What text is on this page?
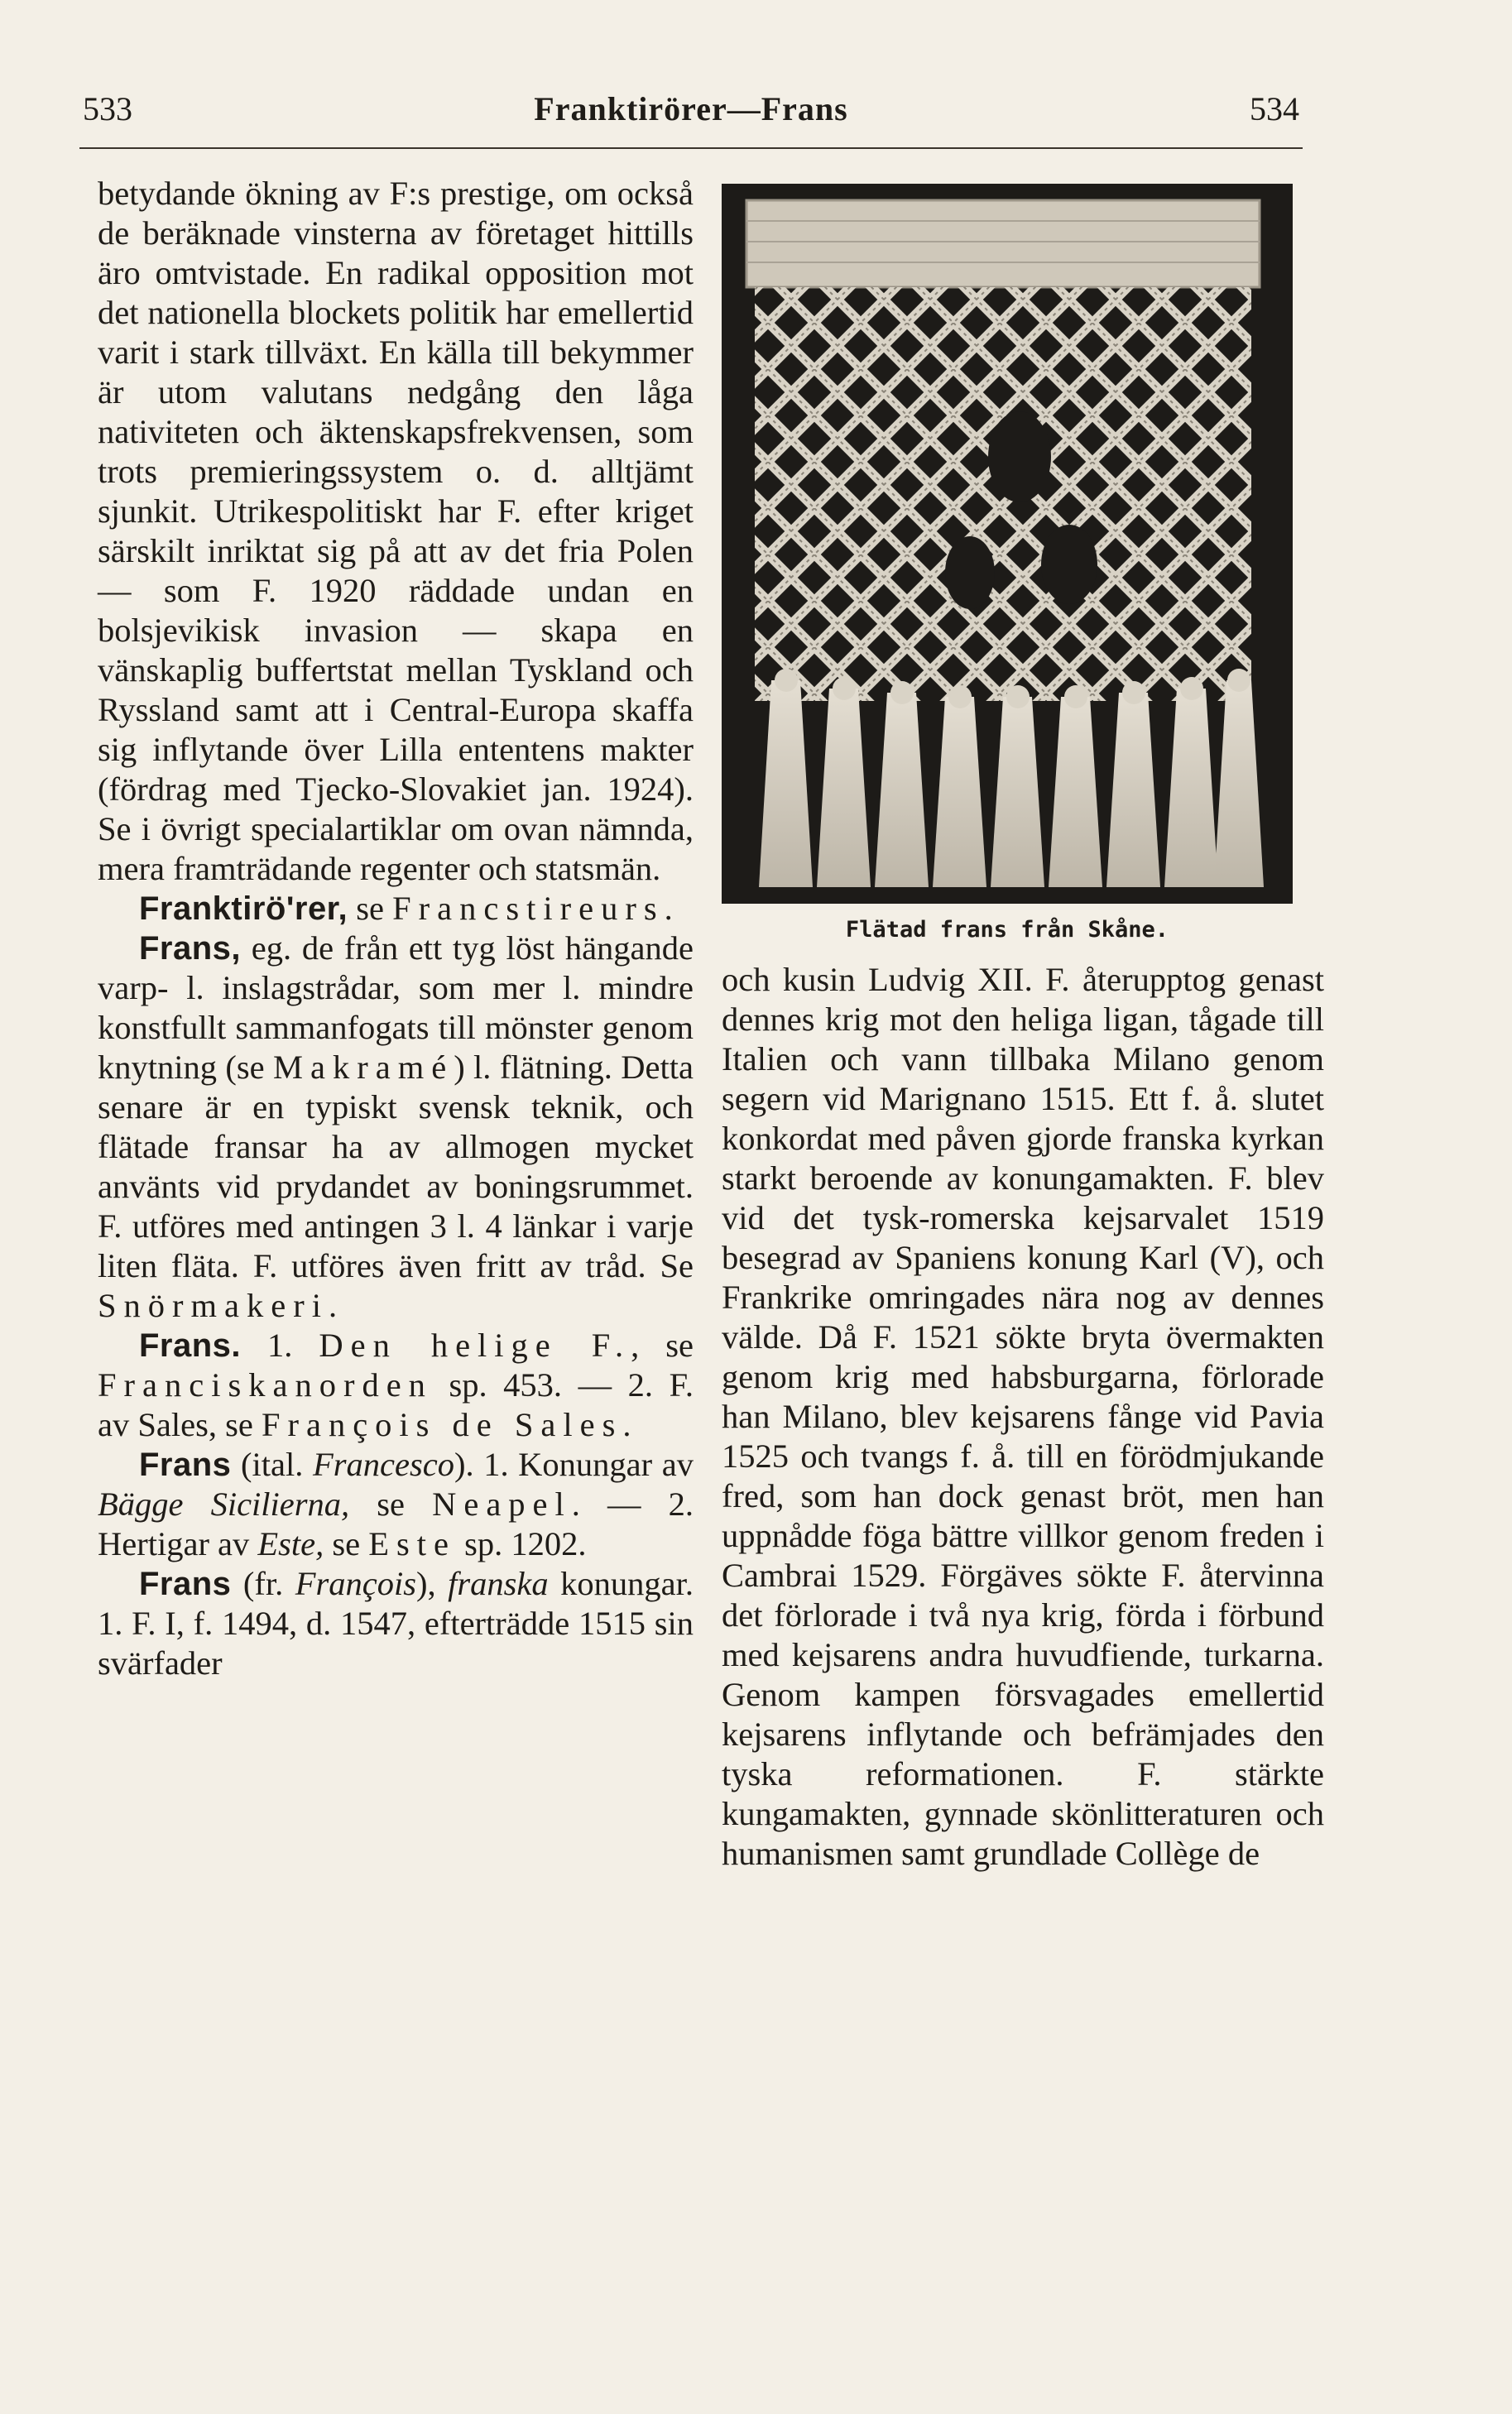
533	Franktirörer—Frans	534

betydande ökning av F:s prestige, om också de beräknade vinsterna av företaget hittills äro omtvistade. En radikal opposition mot det nationella blockets politik har emellertid varit i stark tillväxt. En källa till bekymmer är utom valutans nedgång den låga nativiteten och äktenskapsfrekvensen, som trots premieringssystem o. d. alltjämt sjunkit. Utrikespolitiskt har F. efter kriget särskilt inriktat sig på att av det fria Polen — som F. 1920 räddade undan en bolsjevikisk invasion — skapa en vänskaplig buffertstat mellan Tyskland och Ryssland samt att i Central-Europa skaffa sig inflytande över Lilla ententens makter (fördrag med Tjecko-Slovakiet jan. 1924). Se i övrigt specialartiklar om ovan nämnda, mera framträdande regenter och statsmän.

Franktirö'rer, se Francstireurs.

Frans, eg. de från ett tyg löst hängande varp- l. inslagstrådar, som mer l. mindre konstfullt sammanfogats till mönster genom knytning (se Makramé) l. flätning. Detta senare är en typiskt svensk teknik, och flätade fransar ha av allmogen mycket använts vid prydandet av boningsrummet. F. utföres med antingen 3 l. 4 länkar i varje liten fläta. F. utföres även fritt av tråd. Se Snörmakeri.

Frans. 1. Den helige F., se Franciskanorden sp. 453. — 2. F. av Sales, se François de Sales.

Frans (ital. Francesco). 1. Konungar av Bägge Sicilierna, se Neapel. — 2. Hertigar av Este, se Este sp. 1202.

Frans (fr. François), franska konungar. 1. F. I, f. 1494, d. 1547, efterträdde 1515 sin svärfader

Flätad frans från Skåne.

och kusin Ludvig XII. F. återupptog genast dennes krig mot den heliga ligan, tågade till Italien och vann tillbaka Milano genom segern vid Marignano 1515. Ett f. å. slutet konkordat med påven gjorde franska kyrkan starkt beroende av konungamakten. F. blev vid det tysk-romerska kejsarvalet 1519 besegrad av Spaniens konung Karl (V), och Frankrike omringades nära nog av dennes välde. Då F. 1521 sökte bryta övermakten genom krig med habsburgarna, förlorade han Milano, blev kejsarens fånge vid Pavia 1525 och tvangs f. å. till en förödmjukande fred, som han dock genast bröt, men han uppnådde föga bättre villkor genom freden i Cambrai 1529. Förgäves sökte F. återvinna det förlorade i två nya krig, förda i förbund med kejsarens andra huvudfiende, turkarna. Genom kampen försvagades emellertid kejsarens inflytande och befrämjades den tyska reformationen. F. stärkte kungamakten, gynnade skönlitteraturen och humanismen samt grundlade Collège de
